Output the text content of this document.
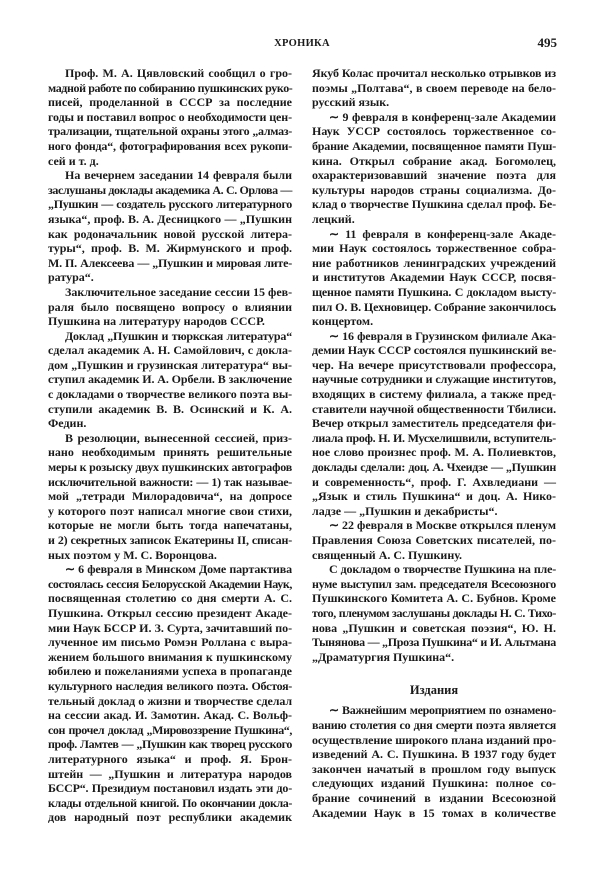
ХРОНИКА	495
Проф. М. А. Цявловский сообщил о гро-
мадной работе по собиранию пушкинских руко-
писей, проделанной в СССР за последние
годы и поставил вопрос о необходимости цен-
трализации, тщательной охраны этого „алмаз-
ного фонда“, фотографирования всех рукопи-
сей и т. д.
На вечернем заседании 14 февраля были
заслушаны доклады академика А. С. Орлова —
„Пушкин — создатель русского литературного
языка“, проф. В. А. Десницкого — „Пушкин
как родоначальник новой русской литера-
туры“, проф. В. М. Жирмунского и проф.
М. П. Алексеева — „Пушкин и мировая лите-
ратура“.
Заключительное заседание сессии 15 фев-
раля было посвящено вопросу о влиянии
Пушкина на литературу народов СССР.
Доклад „Пушкин и тюркская литература“
сделал академик А. Н. Самойлович, с докла-
дом „Пушкин и грузинская литература“ вы-
ступил академик И. А. Орбели. В заключение
с докладами о творчестве великого поэта вы-
ступили академик В. В. Осинский и К. А.
Федин.
В резолюции, вынесенной сессией, приз-
нано необходимым принять решительные
меры к розыску двух пушкинских автографов
исключительной важности: — 1) так называе-
мой „тетради Милорадовича“, на допросе
у которого поэт написал многие свои стихи,
которые не могли быть тогда напечатаны,
и 2) секретных записок Екатерины II, списан-
ных поэтом у М. С. Воронцова.
∼ 6 февраля в Минском Доме партактива
состоялась сессия Белорусской Академии Наук,
посвященная столетию со дня смерти А. С.
Пушкина. Открыл сессию президент Акаде-
мии Наук БССР И. З. Сурта, зачитавший по-
лученное им письмо Ромэн Роллана с выра-
жением большого внимания к пушкинскому
юбилею и пожеланиями успеха в пропаганде
культурного наследия великого поэта. Обстоя-
тельный доклад о жизни и творчестве сделал
на сессии акад. И. Замотин. Акад. С. Вольф-
сон прочел доклад „Мировоззрение Пушкина“,
проф. Ламтев — „Пушкин как творец русского
литературного языка“ и проф. Я. Брон-
штейн — „Пушкин и литература народов
БССР“. Президиум постановил издать эти до-
клады отдельной книгой. По окончании докла-
дов народный поэт республики академик
Якуб Колас прочитал несколько отрывков из
поэмы „Полтава“, в своем переводе на бело-
русский язык.
∼ 9 февраля в конференц-зале Академии
Наук УССР состоялось торжественное со-
брание Академии, посвященное памяти Пуш-
кина. Открыл собрание акад. Богомолец,
охарактеризовавший значение поэта для
культуры народов страны социализма. До-
клад о творчестве Пушкина сделал проф. Бе-
лецкий.
∼ 11 февраля в конференц-зале Акаде-
мии Наук состоялось торжественное собра-
ние работников ленинградских учреждений
и институтов Академии Наук СССР, посвя-
щенное памяти Пушкина. С докладом высту-
пил О. В. Цехновицер. Собрание закончилось
концертом.
∼ 16 февраля в Грузинском филиале Ака-
демии Наук СССР состоялся пушкинский ве-
чер. На вечере присутствовали профессора,
научные сотрудники и служащие институтов,
входящих в систему филиала, а также пред-
ставители научной общественности Тбилиси.
Вечер открыл заместитель председателя фи-
лиала проф. Н. И. Мусхелишвили, вступитель-
ное слово произнес проф. М. А. Полиевктов,
доклады сделали: доц. А. Чхеидзе — „Пушкин
и современность“, проф. Г. Ахвледиани —
„Язык и стиль Пушкина“ и доц. А. Нико-
ладзе — „Пушкин и декабристы“.
∼ 22 февраля в Москве открылся пленум
Правления Союза Советских писателей, по-
священный А. С. Пушкину.
С докладом о творчестве Пушкина на пле-
нуме выступил зам. председателя Всесоюзного
Пушкинского Комитета А. С. Бубнов. Кроме
того, пленумом заслушаны доклады Н. С. Тихо-
нова „Пушкин и советская поэзия“, Ю. Н.
Тынянова — „Проза Пушкина“ и И. Альтмана
„Драматургия Пушкина“.
Издания
∼ Важнейшим мероприятием по ознамено-
ванию столетия со дня смерти поэта является
осуществление широкого плана изданий про-
изведений А. С. Пушкина. В 1937 году будет
закончен начатый в прошлом году выпуск
следующих изданий Пушкина: полное со-
брание сочинений в издании Всесоюзной
Академии Наук в 15 томах в количестве
